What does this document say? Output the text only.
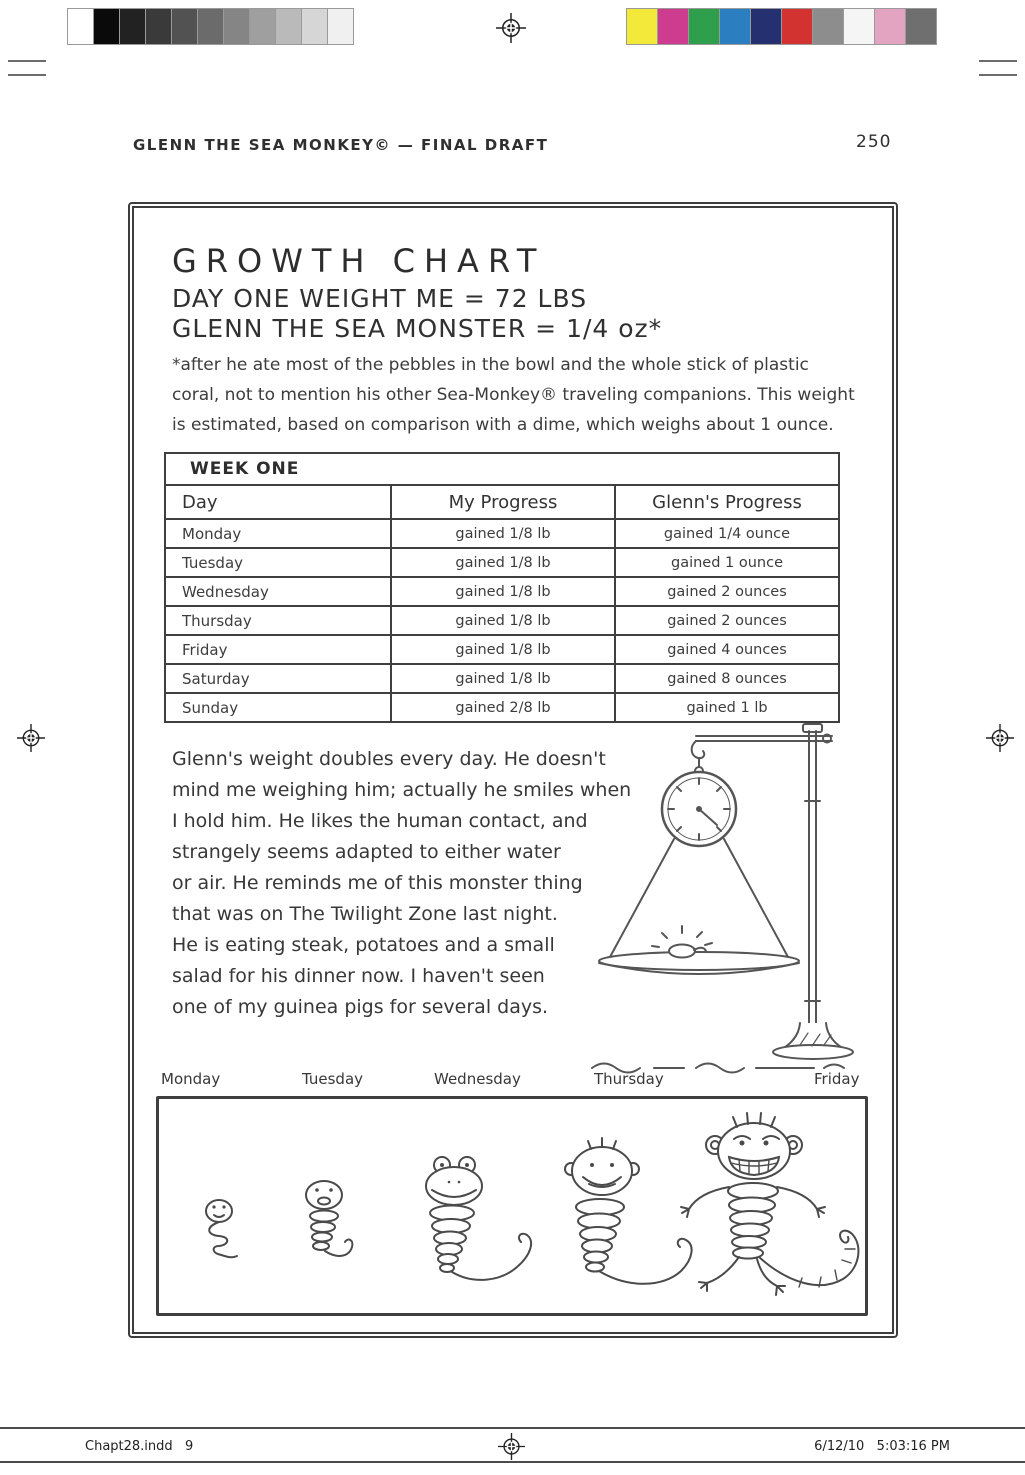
GLENN THE SEA MONKEY© — FINAL DRAFT	250
GROWTH CHART
DAY ONE WEIGHT ME = 72 LBS
GLENN THE SEA MONSTER = 1/4 oz*
*after he ate most of the pebbles in the bowl and the whole stick of plastic
coral, not to mention his other Sea-Monkey® traveling companions. This weight
is estimated, based on comparison with a dime, which weighs about 1 ounce.
WEEK ONE		
Day	My Progress	Glenn's Progress
Monday	gained 1/8 lb	gained 1/4 ounce
Tuesday	gained 1/8 lb	gained 1 ounce
Wednesday	gained 1/8 lb	gained 2 ounces
Thursday	gained 1/8 lb	gained 2 ounces
Friday	gained 1/8 lb	gained 4 ounces
Saturday	gained 1/8 lb	gained 8 ounces
Sunday	gained 2/8 lb	gained 1 lb
Glenn's weight doubles every day. He doesn't
mind me weighing him; actually he smiles when
I hold him. He likes the human contact, and
strangely seems adapted to either water
or air. He reminds me of this monster thing
that was on The Twilight Zone last night.
He is eating steak, potatoes and a small
salad for his dinner now. I haven't seen
one of my guinea pigs for several days.
Monday	Tuesday	Wednesday	Thursday	Friday
Chapt28.indd   9	6/12/10   5:03:16 PM
